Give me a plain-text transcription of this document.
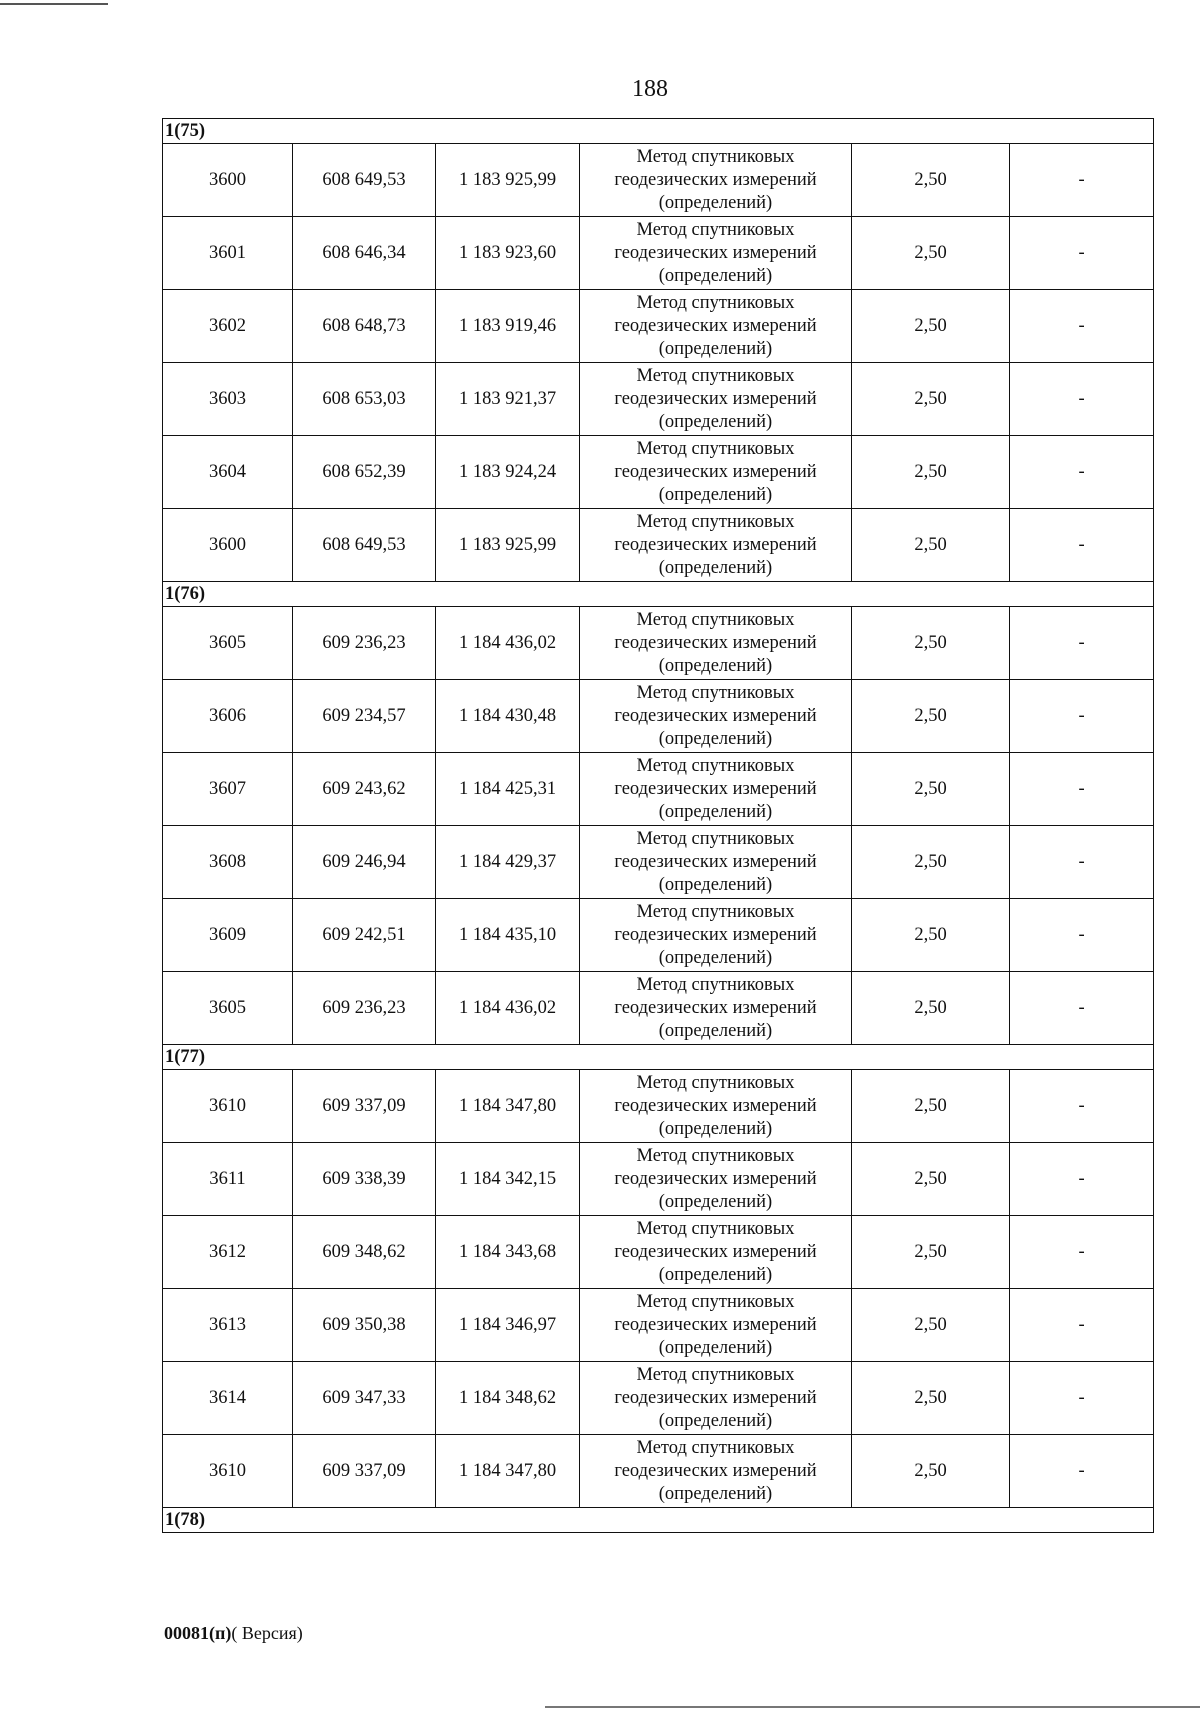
188
1(75)					
3600	608 649,53	1 183 925,99	Метод спутниковых
геодезических измерений
(определений)	2,50	-
3601	608 646,34	1 183 923,60	Метод спутниковых
геодезических измерений
(определений)	2,50	-
3602	608 648,73	1 183 919,46	Метод спутниковых
геодезических измерений
(определений)	2,50	-
3603	608 653,03	1 183 921,37	Метод спутниковых
геодезических измерений
(определений)	2,50	-
3604	608 652,39	1 183 924,24	Метод спутниковых
геодезических измерений
(определений)	2,50	-
3600	608 649,53	1 183 925,99	Метод спутниковых
геодезических измерений
(определений)	2,50	-
1(76)					
3605	609 236,23	1 184 436,02	Метод спутниковых
геодезических измерений
(определений)	2,50	-
3606	609 234,57	1 184 430,48	Метод спутниковых
геодезических измерений
(определений)	2,50	-
3607	609 243,62	1 184 425,31	Метод спутниковых
геодезических измерений
(определений)	2,50	-
3608	609 246,94	1 184 429,37	Метод спутниковых
геодезических измерений
(определений)	2,50	-
3609	609 242,51	1 184 435,10	Метод спутниковых
геодезических измерений
(определений)	2,50	-
3605	609 236,23	1 184 436,02	Метод спутниковых
геодезических измерений
(определений)	2,50	-
1(77)					
3610	609 337,09	1 184 347,80	Метод спутниковых
геодезических измерений
(определений)	2,50	-
3611	609 338,39	1 184 342,15	Метод спутниковых
геодезических измерений
(определений)	2,50	-
3612	609 348,62	1 184 343,68	Метод спутниковых
геодезических измерений
(определений)	2,50	-
3613	609 350,38	1 184 346,97	Метод спутниковых
геодезических измерений
(определений)	2,50	-
3614	609 347,33	1 184 348,62	Метод спутниковых
геодезических измерений
(определений)	2,50	-
3610	609 337,09	1 184 347,80	Метод спутниковых
геодезических измерений
(определений)	2,50	-
1(78)					
00081(п)( Версия)
